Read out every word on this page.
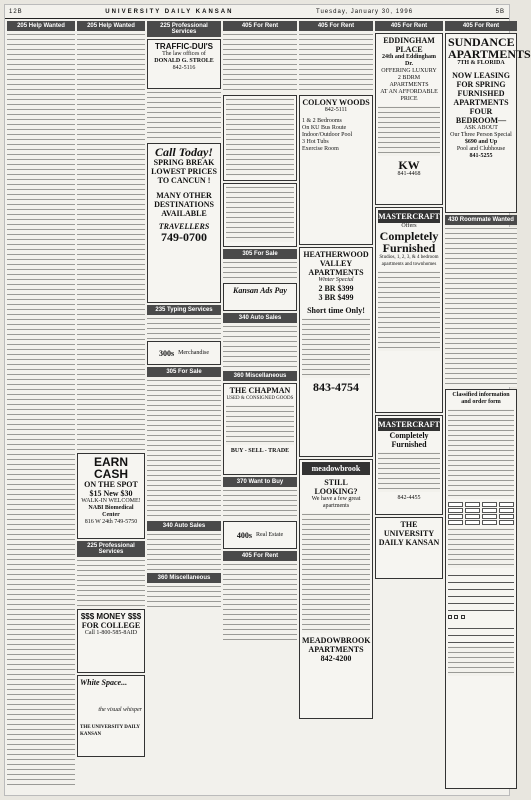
12B	UNIVERSITY DAILY KANSAN	Tuesday, January 30, 1996	5B
205 Help Wanted	205 Help Wanted
EARN CASH
ON THE SPOT
$15 New $30
WALK-IN WELCOME!
NABI Biomedical Center
816 W 24th 749-5750
225 Professional Services
$$$ MONEY $$$
FOR COLLEGE
Call 1-800-585-8AID
White Space...
the visual whisper
THE UNIVERSITY DAILY KANSAN
225 Professional Services
TRAFFIC-DUI'S
The law offices of
DONALD G. STROLE
842-5116
Call Today!
SPRING BREAK
LOWEST PRICES
TO CANCUN !
MANY OTHER DESTINATIONS AVAILABLE
TRAVELLERS
749-0700
235 Typing Services
300s Merchandise
305 For Sale
340 Auto Sales
360 Miscellaneous
405 For Rent
305 For Sale
Kansan Ads Pay
340 Auto Sales
360 Miscellaneous
THE CHAPMAN
USED & CONSIGNED GOODS
BUY - SELL - TRADE
370 Want to Buy
400s Real Estate
405 For Rent
405 For Rent
COLONY WOODS
842-5111
1 & 2 Bedrooms
On KU Bus Route
Indoor/Outdoor Pool
3 Hot Tubs
Exercise Room
HEATHERWOOD VALLEY APARTMENTS
Winter Special
2 BR $399
3 BR $499
Short time Only!
843-4754
meadowbrook
STILL LOOKING?
We have a few great apartments
MEADOWBROOK APARTMENTS
842-4200
405 For Rent
EDDINGHAM PLACE
24th and Eddingham Dr.
OFFERING LUXURY
2 BDRM APARTMENTS
AT AN AFFORDABLE PRICE
KW
841-4468
MASTERCRAFT
Offers
Completely
Furnished
Studios, 1, 2, 3, & 4 bedroom
apartments and townhomes
MASTERCRAFT
Completely Furnished
842-4455
THE UNIVERSITY DAILY KANSAN
405 For Rent
SUNDANCE APARTMENTS
7TH & FLORIDA
NOW LEASING FOR SPRING
FURNISHED APARTMENTS
FOUR BEDROOM—
ASK ABOUT
Our Three Person Special
$690 and Up
Pool and Clubhouse
841-5255
430 Roommate Wanted
Classified information and order form
